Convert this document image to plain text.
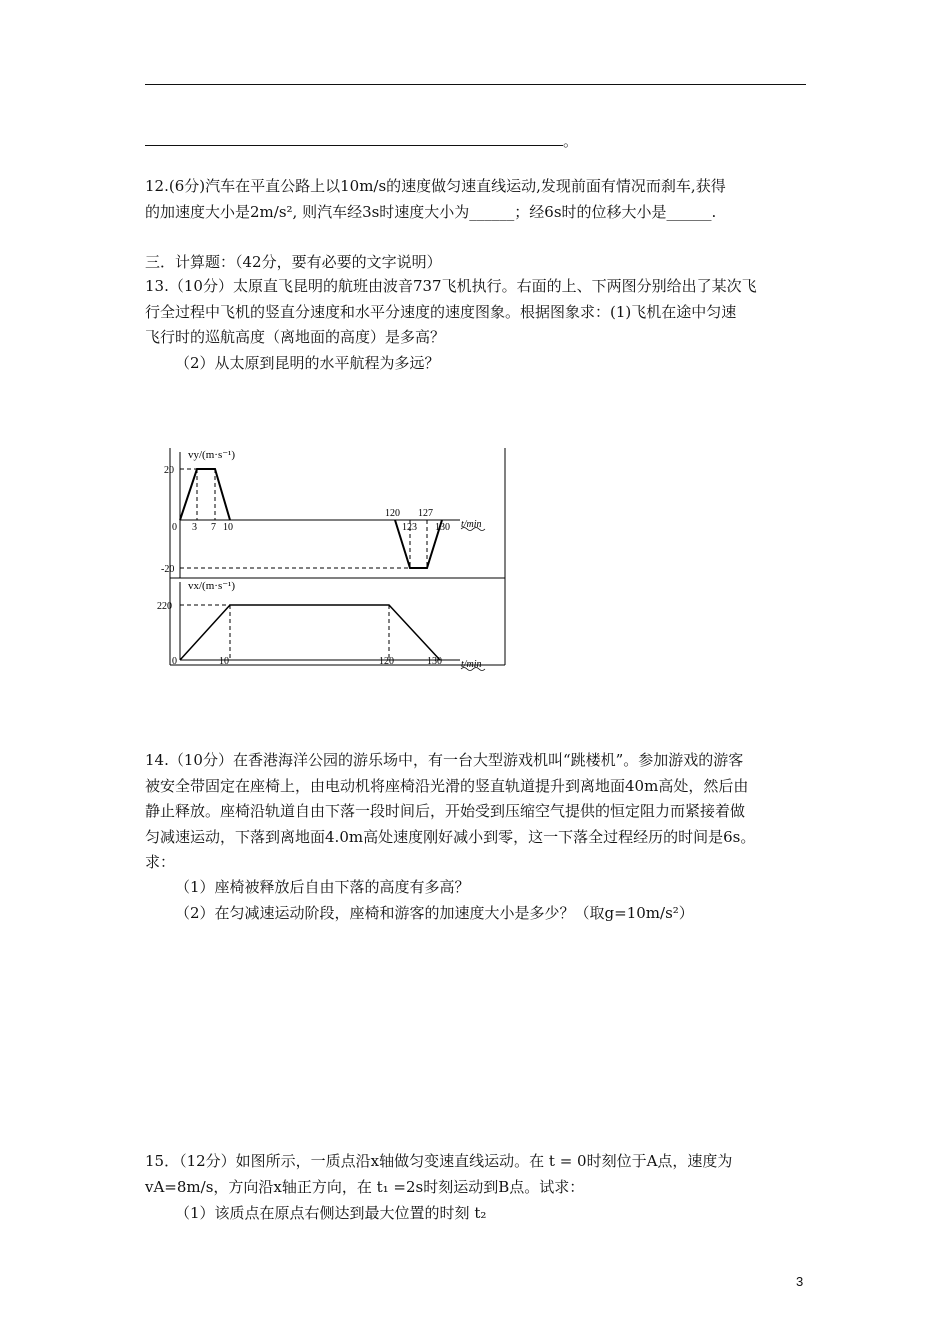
。
12.(6分)汽车在平直公路上以10m/s的速度做匀速直线运动,发现前面有情况而刹车,获得
的加速度大小是2m/s², 则汽车经3s时速度大小为______；经6s时的位移大小是______.
三．计算题：（42分，要有必要的文字说明）
13.（10分）太原直飞昆明的航班由波音737飞机执行。右面的上、下两图分别给出了某次飞
行全过程中飞机的竖直分速度和水平分速度的速度图象。根据图象求：(1)飞机在途中匀速
飞行时的巡航高度（离地面的高度）是多高？
（2）从太原到昆明的水平航程为多远？
vy/(m·s⁻¹)
20
-20
0 3 7 10
120
123
127
130 t/min
vx/(m·s⁻¹)
220
0	10	120	130 t/min
14.（10分）在香港海洋公园的游乐场中，有一台大型游戏机叫“跳楼机”。参加游戏的游客
被安全带固定在座椅上，由电动机将座椅沿光滑的竖直轨道提升到离地面40m高处，然后由
静止释放。座椅沿轨道自由下落一段时间后，开始受到压缩空气提供的恒定阻力而紧接着做
匀减速运动，下落到离地面4.0m高处速度刚好减小到零，这一下落全过程经历的时间是6s。
求：
（1）座椅被释放后自由下落的高度有多高？
（2）在匀减速运动阶段，座椅和游客的加速度大小是多少？（取g=10m/s²）
15．（12分）如图所示，一质点沿x轴做匀变速直线运动。在 t = 0时刻位于A点，速度为
vA=8m/s，方向沿x轴正方向，在 t₁ =2s时刻运动到B点。试求：
（1）该质点在原点右侧达到最大位置的时刻 t₂
3
